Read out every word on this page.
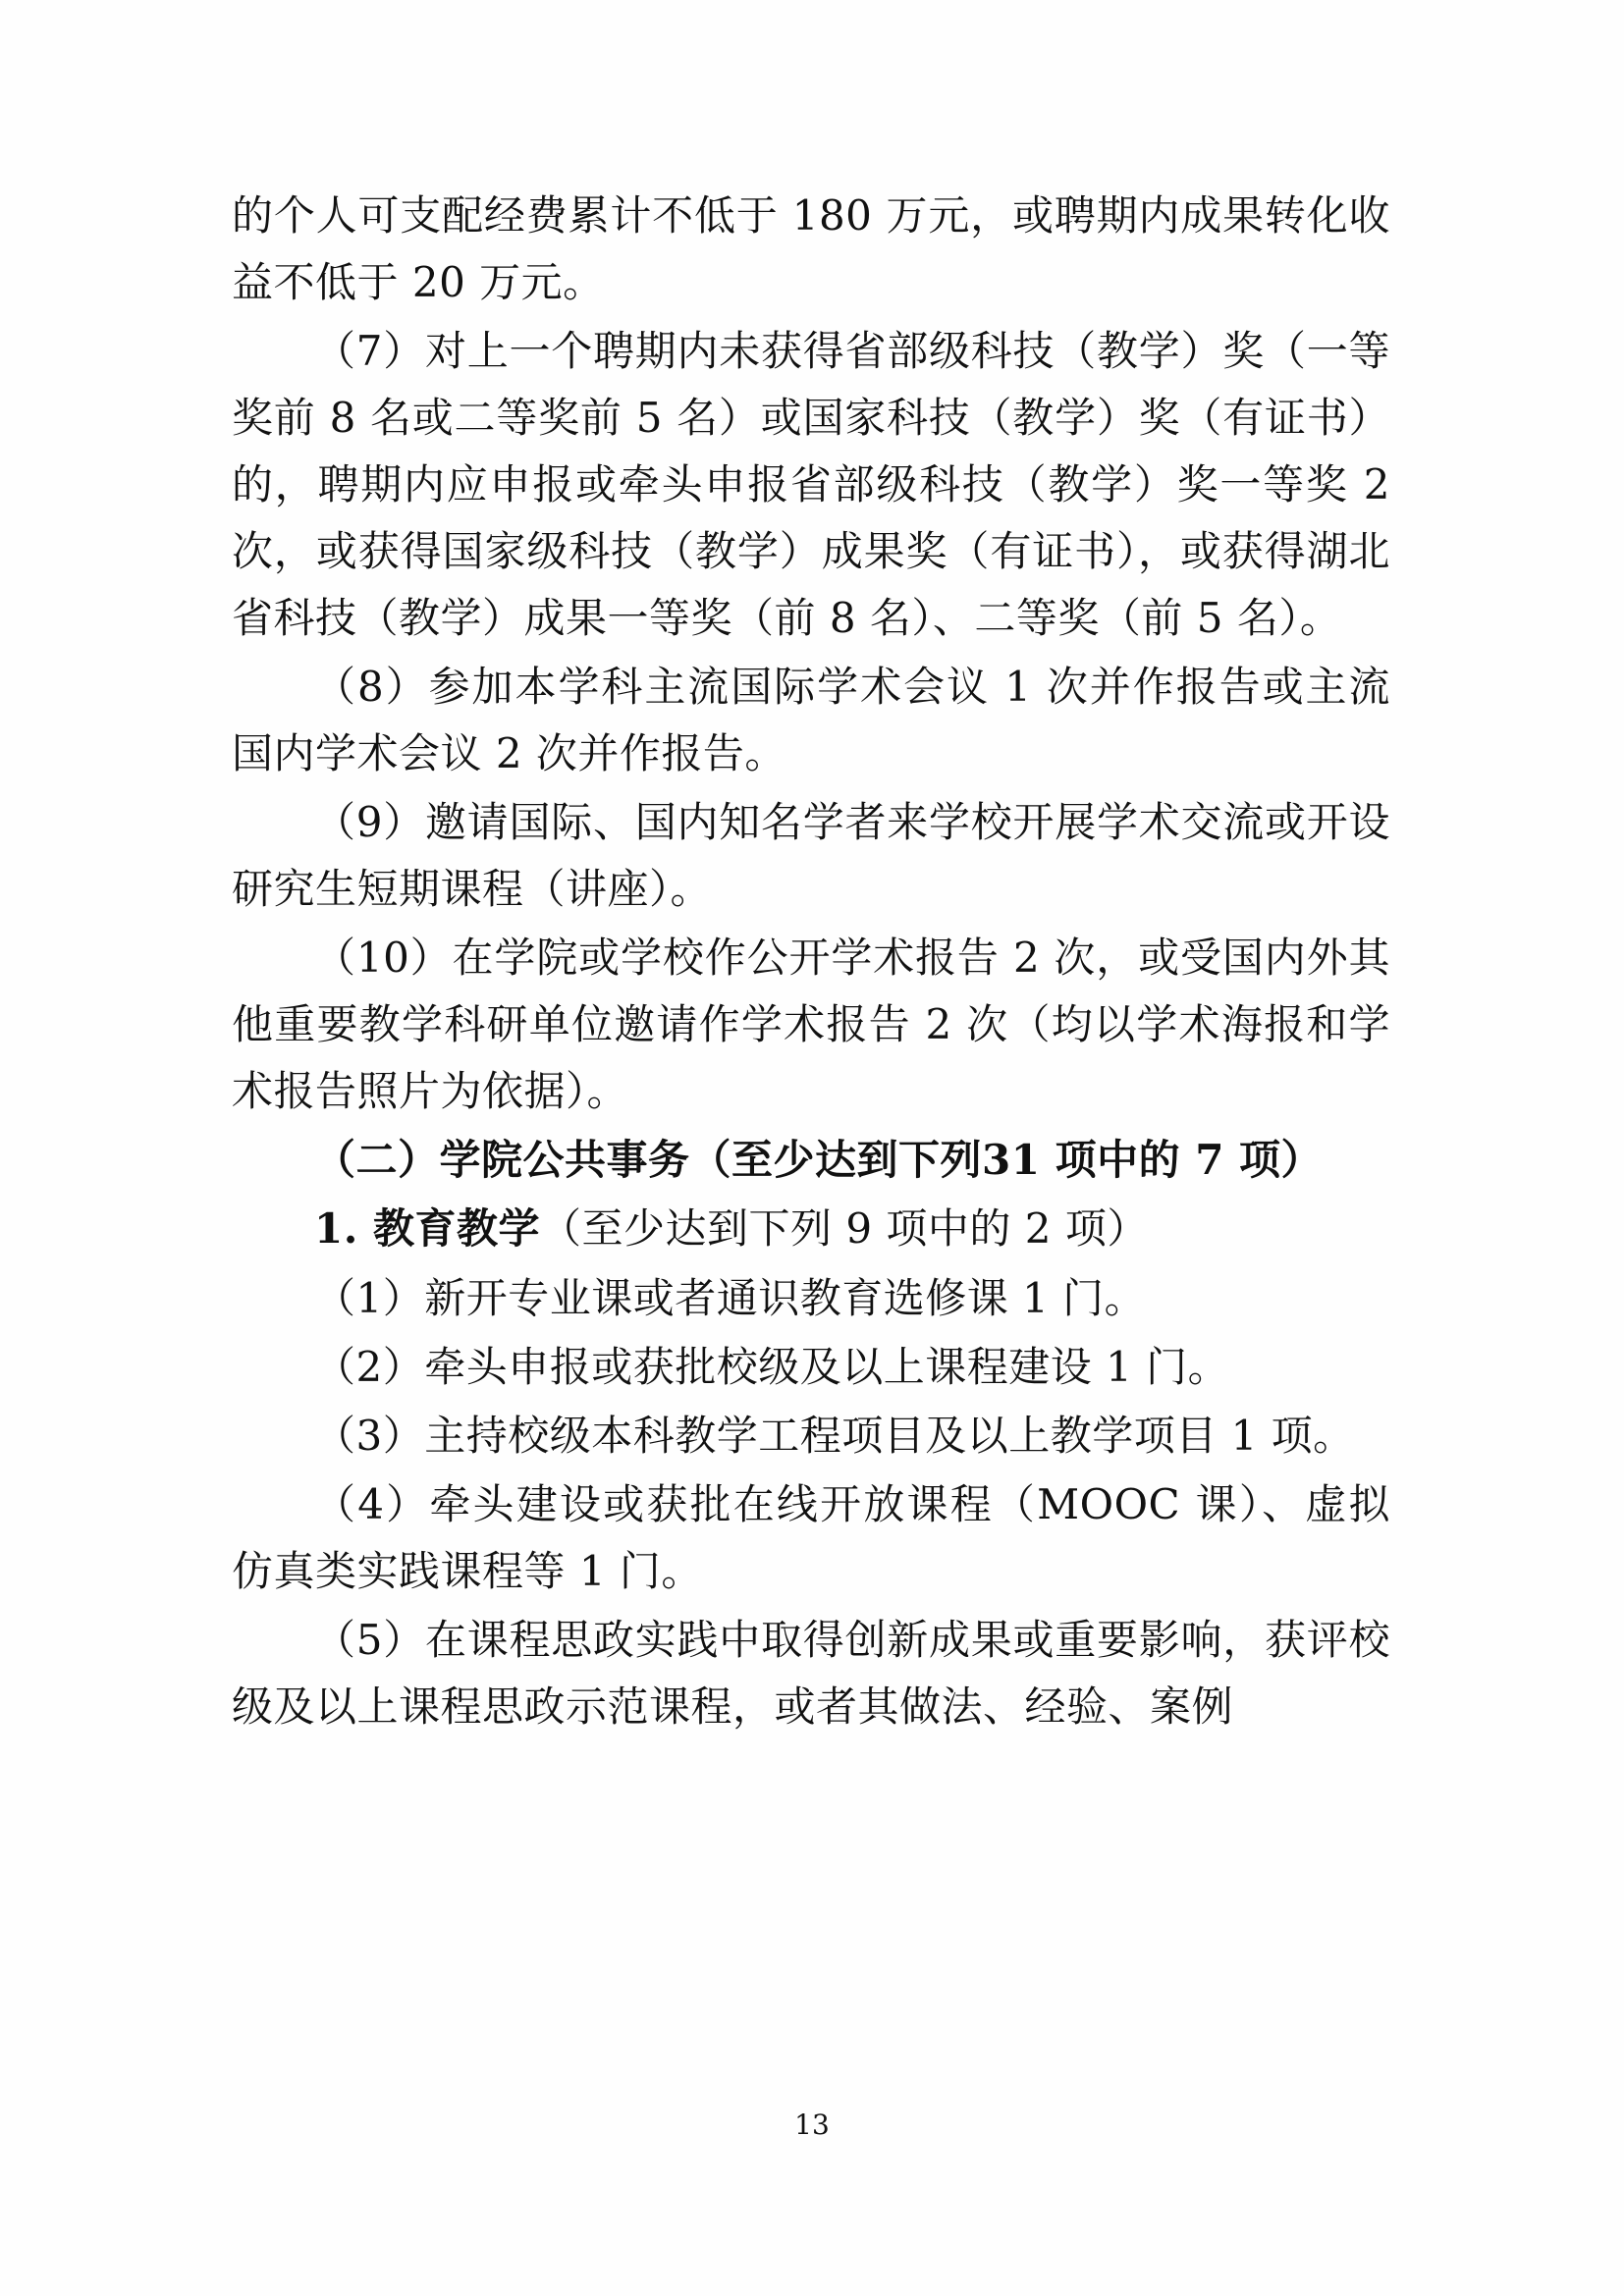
的个人可支配经费累计不低于 180 万元，或聘期内成果转化收益不低于 20 万元。

（7）对上一个聘期内未获得省部级科技（教学）奖（一等奖前 8 名或二等奖前 5 名）或国家科技（教学）奖（有证书）的，聘期内应申报或牵头申报省部级科技（教学）奖一等奖 2 次，或获得国家级科技（教学）成果奖（有证书），或获得湖北省科技（教学）成果一等奖（前 8 名）、二等奖（前 5 名）。

（8）参加本学科主流国际学术会议 1 次并作报告或主流国内学术会议 2 次并作报告。

（9）邀请国际、国内知名学者来学校开展学术交流或开设研究生短期课程（讲座）。

（10）在学院或学校作公开学术报告 2 次，或受国内外其他重要教学科研单位邀请作学术报告 2 次（均以学术海报和学术报告照片为依据）。

（二）学院公共事务（至少达到下列31 项中的 7 项）

1. 教育教学（至少达到下列 9 项中的 2 项）

（1）新开专业课或者通识教育选修课 1 门。

（2）牵头申报或获批校级及以上课程建设 1 门。

（3）主持校级本科教学工程项目及以上教学项目 1 项。

（4）牵头建设或获批在线开放课程（MOOC 课）、虚拟仿真类实践课程等 1 门。

（5）在课程思政实践中取得创新成果或重要影响，获评校级及以上课程思政示范课程，或者其做法、经验、案例

13
